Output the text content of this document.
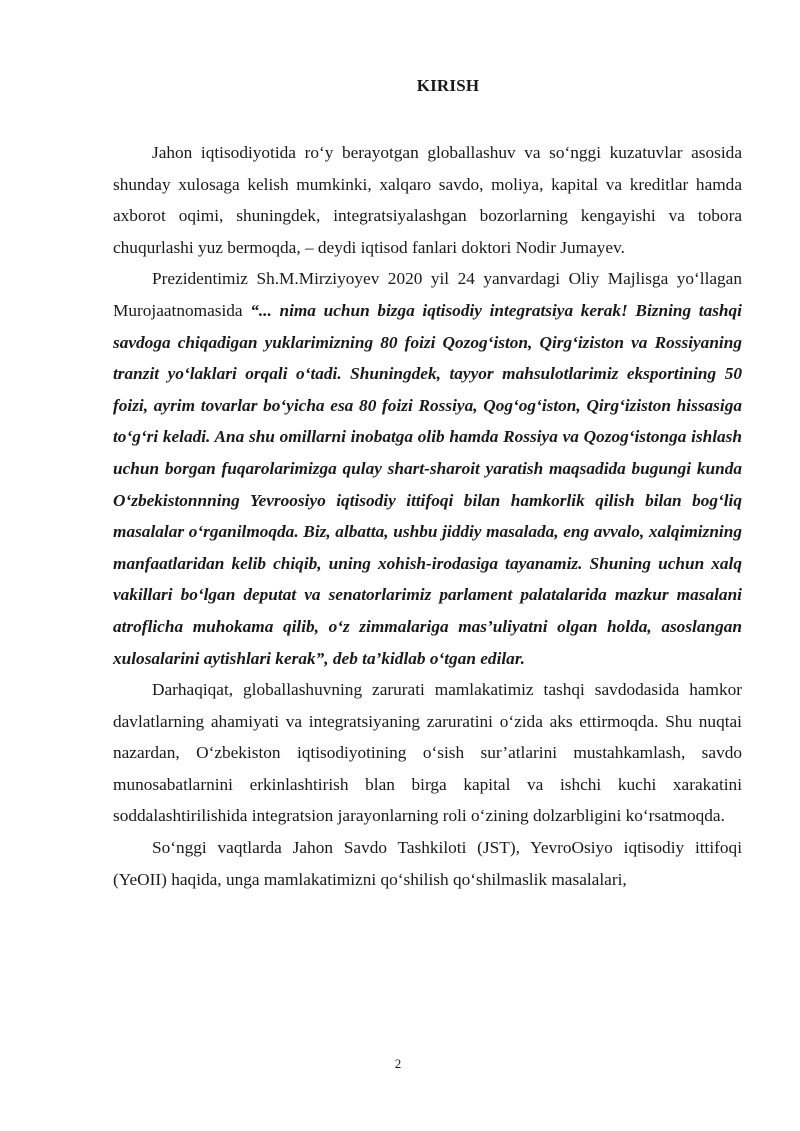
KIRISH

Jahon iqtisodiyotida ro‘y berayotgan globallashuv va so‘nggi kuzatuvlar asosida shunday xulosaga kelish mumkinki, xalqaro savdo, moliya, kapital va kreditlar hamda axborot oqimi, shuningdek, integratsiyalashgan bozorlarning kengayishi va tobora chuqurlashi yuz bermoqda, – deydi iqtisod fanlari doktori Nodir Jumayev.

Prezidentimiz Sh.M.Mirziyoyev 2020 yil 24 yanvardagi Oliy Majlisga yo‘llagan Murojaatnomasida “... nima uchun bizga iqtisodiy integratsiya kerak! Bizning tashqi savdoga chiqadigan yuklarimizning 80 foizi Qozog‘iston, Qirg‘iziston va Rossiyaning tranzit yo‘laklari orqali o‘tadi. Shuningdek, tayyor mahsulotlarimiz eksportining 50 foizi, ayrim tovarlar bo‘yicha esa 80 foizi Rossiya, Qog‘og‘iston, Qirg‘iziston hissasiga to‘g‘ri keladi. Ana shu omillarni inobatga olib hamda Rossiya va Qozog‘istonga ishlash uchun borgan fuqarolarimizga qulay shart-sharoit yaratish maqsadida bugungi kunda O‘zbekistonnning Yevroosiyo iqtisodiy ittifoqi bilan hamkorlik qilish bilan bog‘liq masalalar o‘rganilmoqda. Biz, albatta, ushbu jiddiy masalada, eng avvalo, xalqimizning manfaatlaridan kelib chiqib, uning xohish-irodasiga tayanamiz. Shuning uchun xalq vakillari bo‘lgan deputat va senatorlarimiz parlament palatalarida mazkur masalani atroflicha muhokama qilib, o‘z zimmalariga mas’uliyatni olgan holda, asoslangan xulosalarini aytishlari kerak”, deb ta’kidlab o‘tgan edilar.

Darhaqiqat, globallashuvning zarurati mamlakatimiz tashqi savdodasida hamkor davlatlarning ahamiyati va integratsiyaning zaruratini o‘zida aks ettirmoqda. Shu nuqtai nazardan, O‘zbekiston iqtisodiyotining o‘sish sur’atlarini mustahkamlash, savdo munosabatlarnini erkinlashtirish blan birga kapital va ishchi kuchi xarakatini soddalashtirilishida integratsion jarayonlarning roli o‘zining dolzarbligini ko‘rsatmoqda.

So‘nggi vaqtlarda Jahon Savdo Tashkiloti (JST), YevroOsiyo iqtisodiy ittifoqi (YeOII) haqida, unga mamlakatimizni qo‘shilish qo‘shilmaslik masalalari,

2
